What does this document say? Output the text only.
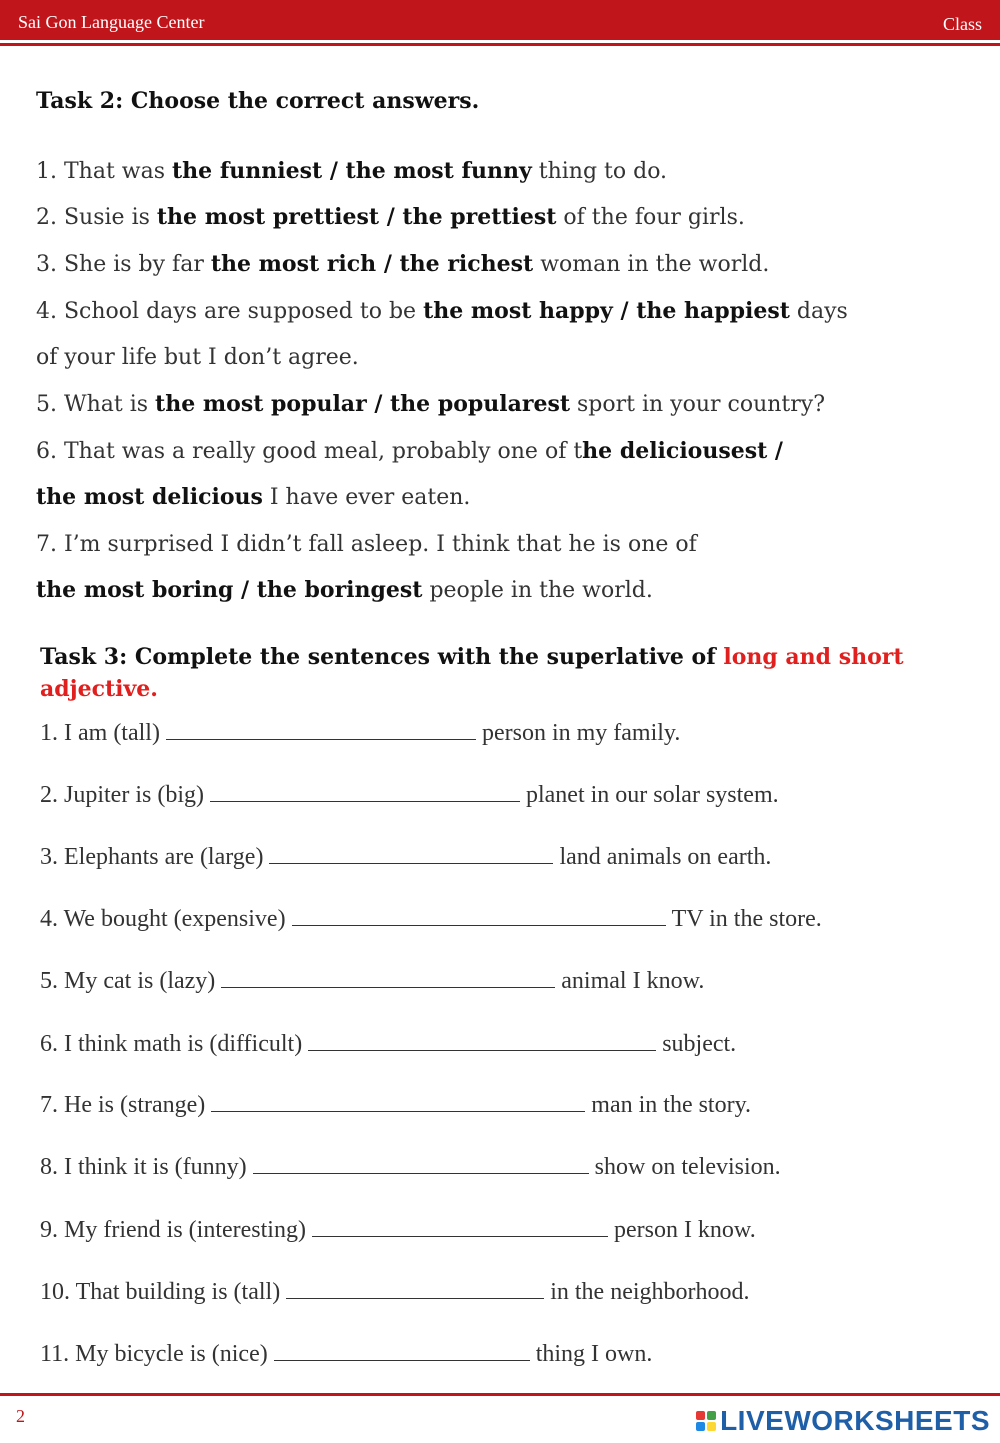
Sai Gon Language Center	Class
Task 2: Choose the correct answers.
1. That was the funniest / the most funny thing to do.
2. Susie is the most prettiest / the prettiest of the four girls.
3. She is by far the most rich / the richest woman in the world.
4. School days are supposed to be the most happy / the happiest days
of your life but I don’t agree.
5. What is the most popular / the popularest sport in your country?
6. That was a really good meal, probably one of the deliciousest /
the most delicious I have ever eaten.
7. I’m surprised I didn’t fall asleep. I think that he is one of
the most boring / the boringest people in the world.
Task 3: Complete the sentences with the superlative of long and short adjective.
1. I am (tall)	person in my family.
2. Jupiter is (big)	planet in our solar system.
3. Elephants are (large)	land animals on earth.
4. We bought (expensive)	TV in the store.
5. My cat is (lazy)	animal I know.
6. I think math is (difficult)	subject.
7. He is (strange)	man in the story.
8. I think it is (funny)	show on television.
9. My friend is (interesting)	person I know.
10. That building is (tall)	in the neighborhood.
11. My bicycle is (nice)	thing I own.
2	LIVEWORKSHEETS
